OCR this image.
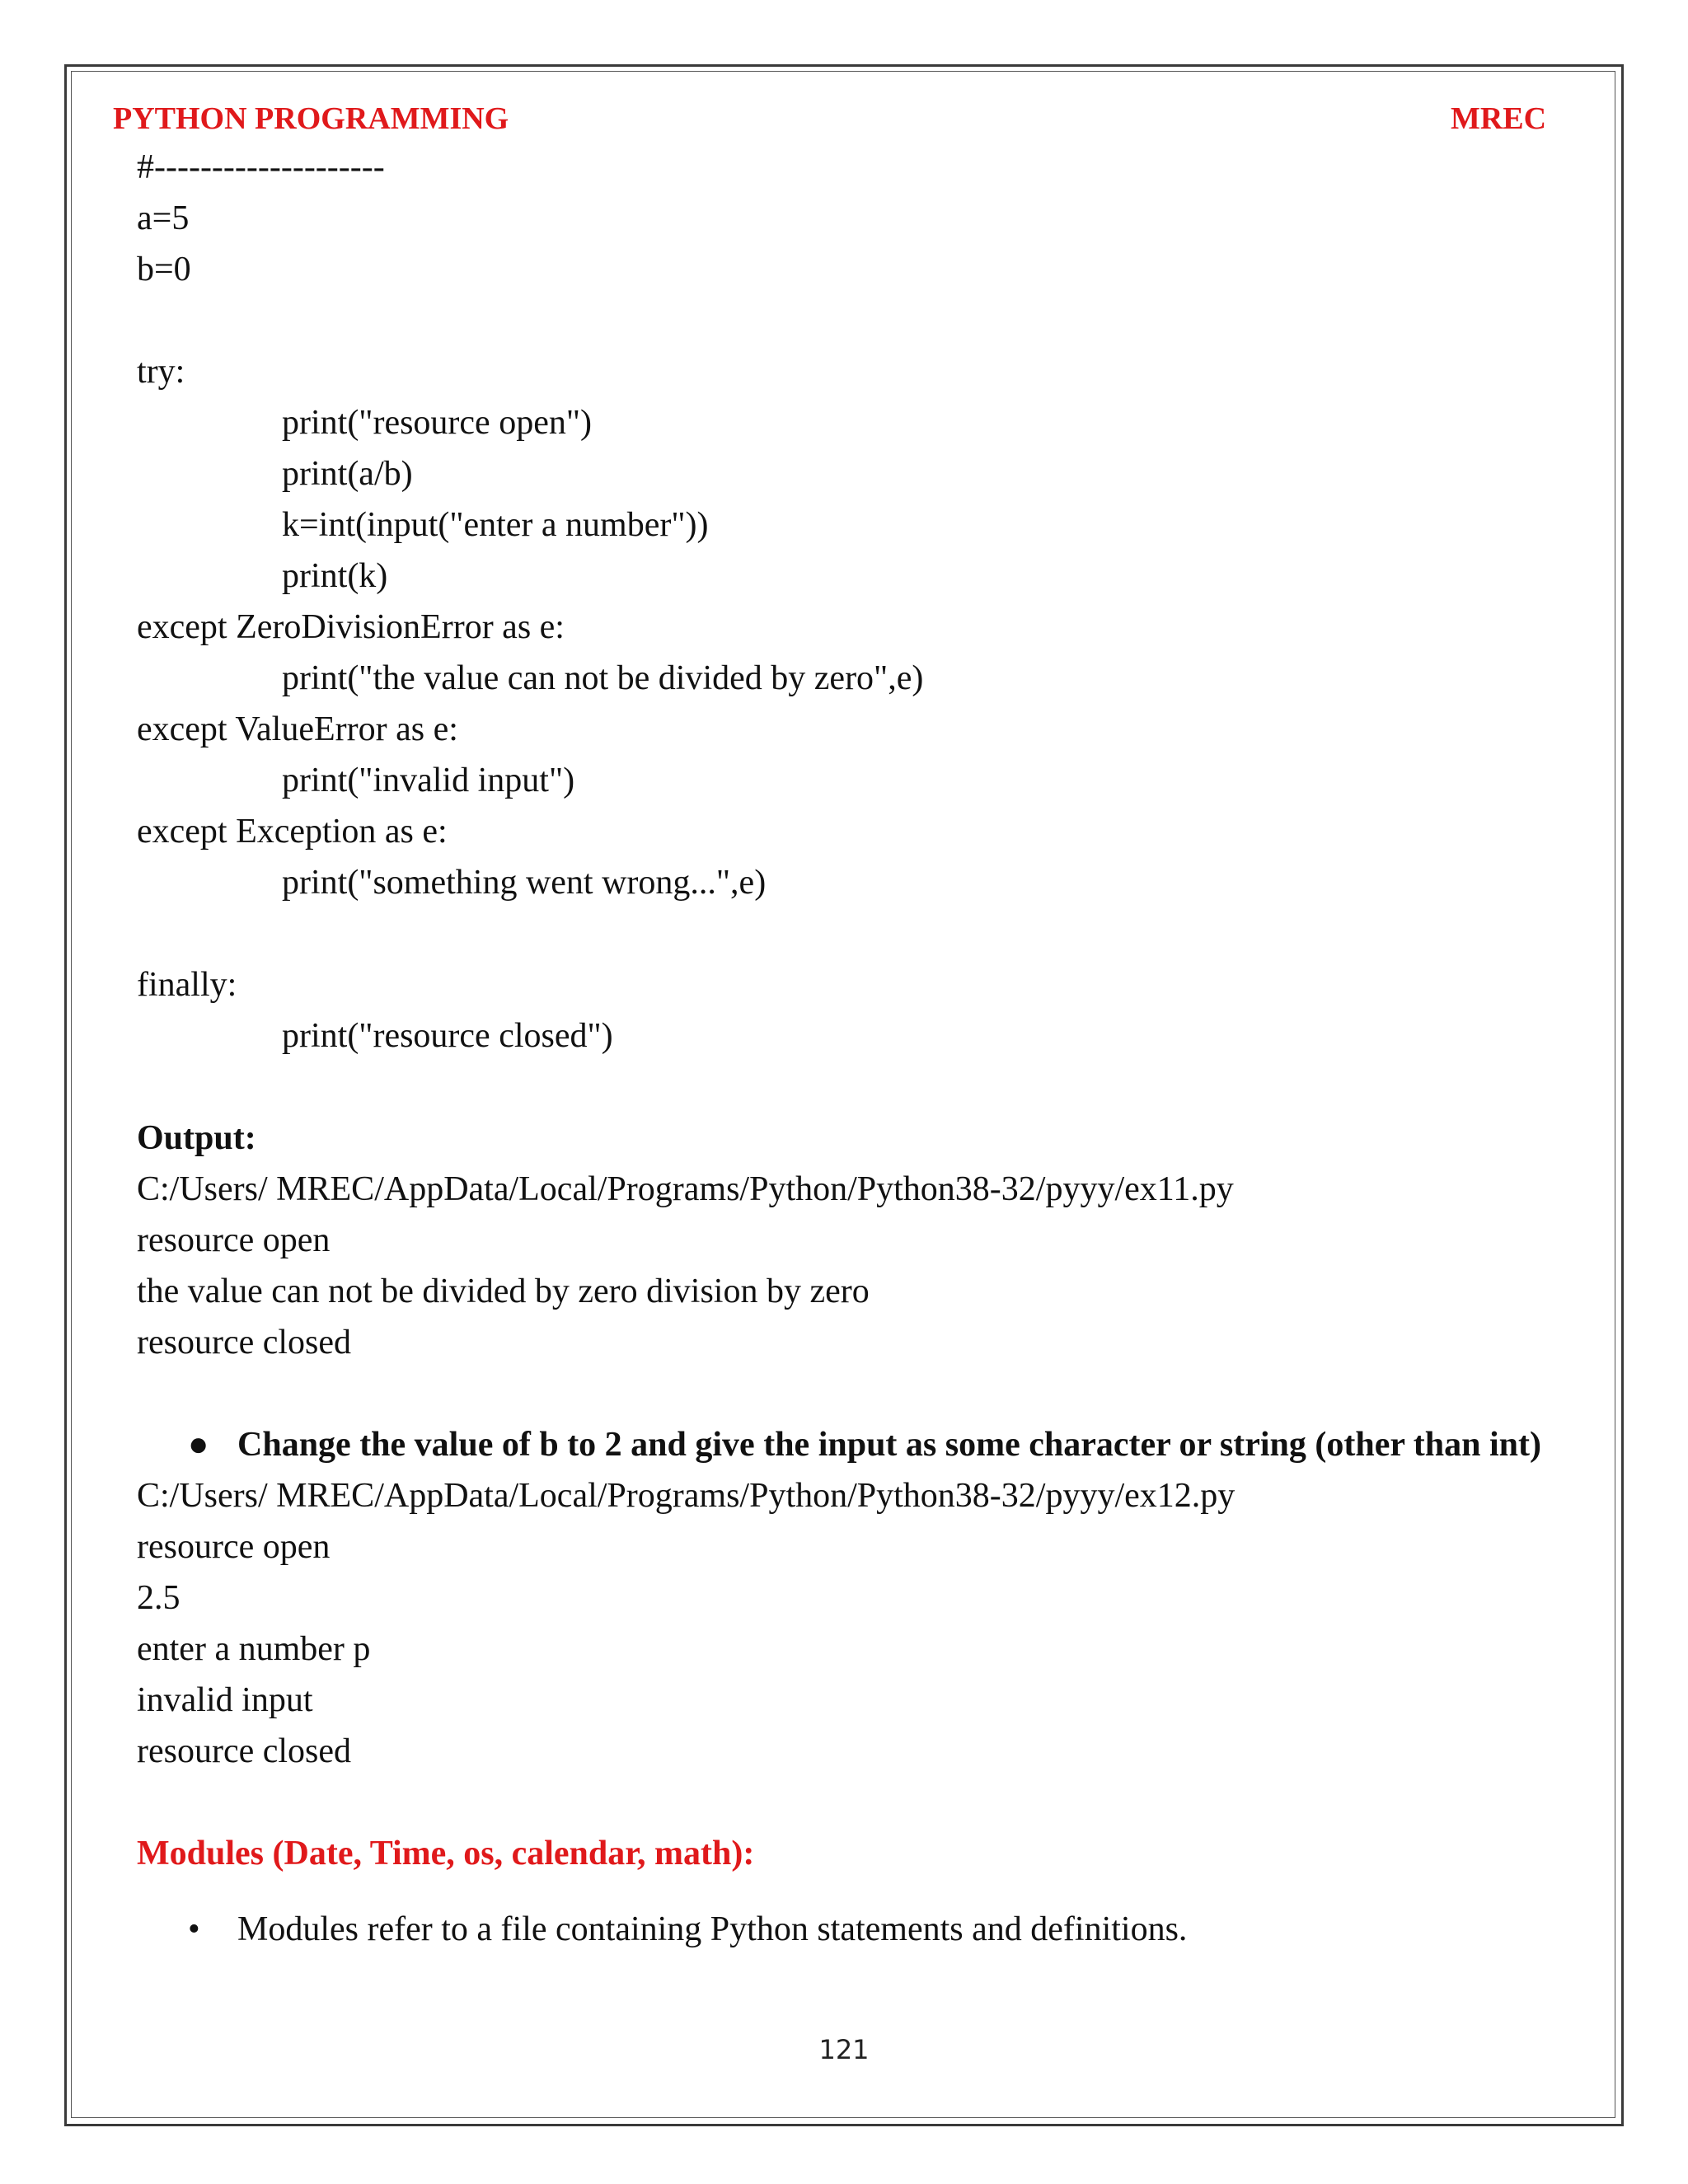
PYTHON PROGRAMMING	MREC
#--------------------
a=5
b=0
try:
print("resource open")
print(a/b)
k=int(input("enter a number"))
print(k)
except ZeroDivisionError as e:
print("the value can not be divided by zero",e)
except ValueError as e:
print("invalid input")
except Exception as e:
print("something went wrong...",e)
finally:
print("resource closed")
Output:
C:/Users/ MREC/AppData/Local/Programs/Python/Python38-32/pyyy/ex11.py
resource open
the value can not be divided by zero division by zero
resource closed
● Change the value of b to 2 and give the input as some character or string (other than int)
C:/Users/ MREC/AppData/Local/Programs/Python/Python38-32/pyyy/ex12.py
resource open
2.5
enter a number p
invalid input
resource closed
Modules (Date, Time, os, calendar, math):
• Modules refer to a file containing Python statements and definitions.
121
